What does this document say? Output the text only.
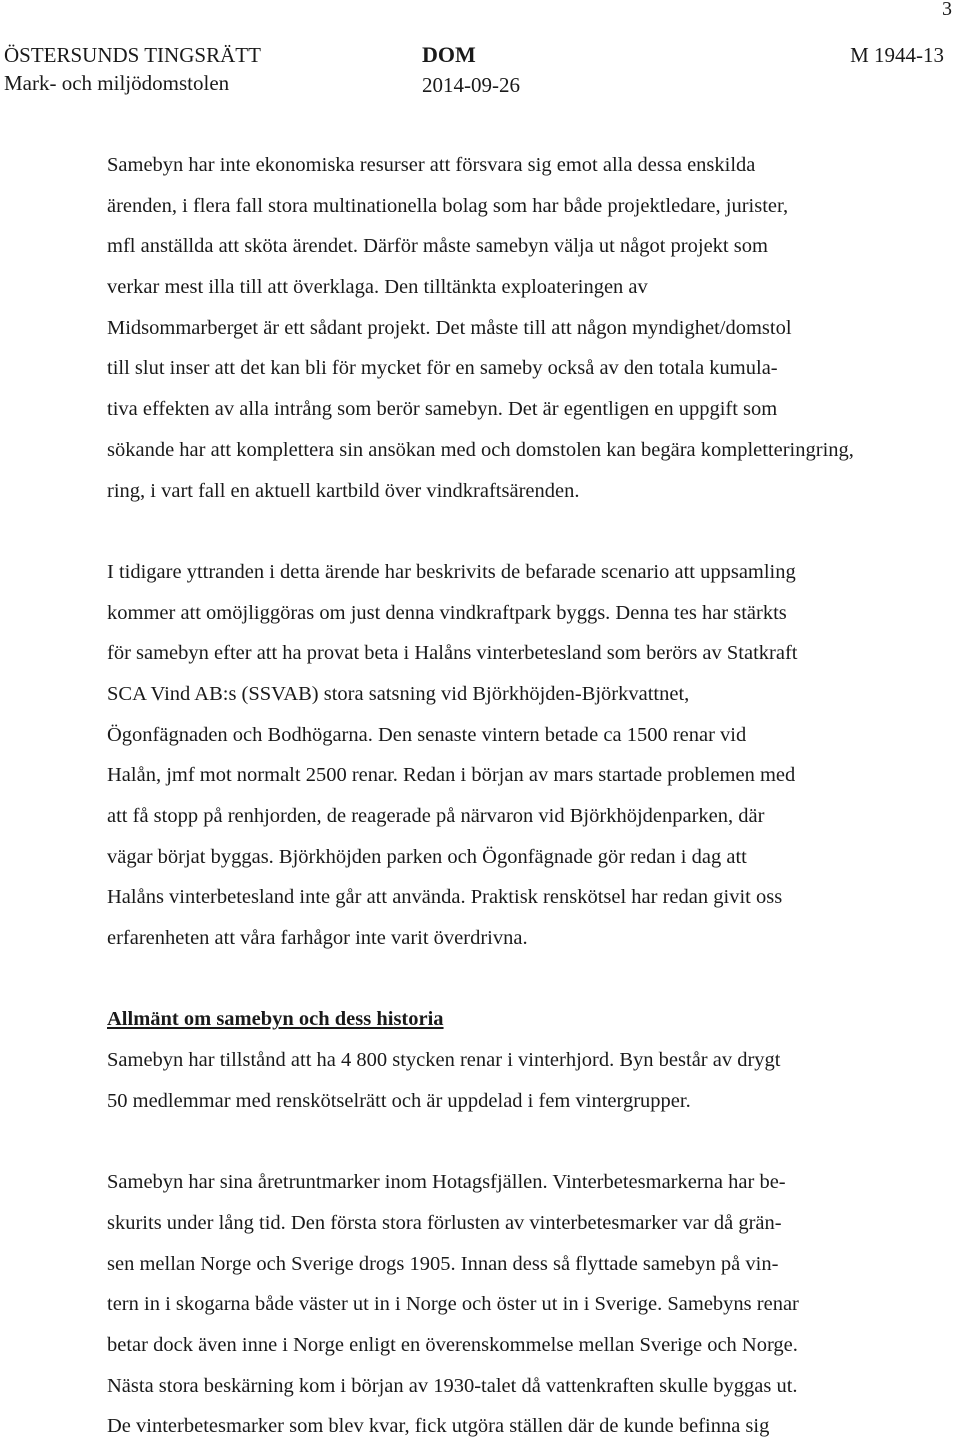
3
ÖSTERSUNDS TINGSRÄTT
Mark- och miljödomstolen
DOM
2014-09-26
M 1944-13

Samebyn har inte ekonomiska resurser att försvara sig emot alla dessa enskilda
ärenden, i flera fall stora multinationella bolag som har både projektledare, jurister,
mfl anställda att sköta ärendet. Därför måste samebyn välja ut något projekt som
verkar mest illa till att överklaga. Den tilltänkta exploateringen av
Midsommarberget är ett sådant projekt. Det måste till att någon myndighet/domstol
till slut inser att det kan bli för mycket för en sameby också av den totala kumula-
tiva effekten av alla intrång som berör samebyn. Det är egentligen en uppgift som
sökande har att komplettera sin ansökan med och domstolen kan begära kompletteringring,
ring, i vart fall en aktuell kartbild över vindkraftsärenden.

I tidigare yttranden i detta ärende har beskrivits de befarade scenario att uppsamling
kommer att omöjliggöras om just denna vindkraftpark byggs. Denna tes har stärkts
för samebyn efter att ha provat beta i Halåns vinterbetesland som berörs av Statkraft
SCA Vind AB:s (SSVAB) stora satsning vid Björkhöjden-Björkvattnet,
Ögonfägnaden och Bodhögarna. Den senaste vintern betade ca 1500 renar vid
Halån, jmf mot normalt 2500 renar. Redan i början av mars startade problemen med
att få stopp på renhjorden, de reagerade på närvaron vid Björkhöjdenparken, där
vägar börjat byggas. Björkhöjden parken och Ögonfägnade gör redan i dag att
Halåns vinterbetesland inte går att använda. Praktisk renskötsel har redan givit oss
erfarenheten att våra farhågor inte varit överdrivna.

Allmänt om samebyn och dess historia
Samebyn har tillstånd att ha 4 800 stycken renar i vinterhjord. Byn består av drygt
50 medlemmar med renskötselrätt och är uppdelad i fem vintergrupper.

Samebyn har sina åretruntmarker inom Hotagsfjällen. Vinterbetesmarkerna har be-
skurits under lång tid. Den första stora förlusten av vinterbetesmarker var då grän-
sen mellan Norge och Sverige drogs 1905. Innan dess så flyttade samebyn på vin-
tern in i skogarna både väster ut in i Norge och öster ut in i Sverige. Samebyns renar
betar dock även inne i Norge enligt en överenskommelse mellan Sverige och Norge.
Nästa stora beskärning kom i början av 1930-talet då vattenkraften skulle byggas ut.
De vinterbetesmarker som blev kvar, fick utgöra ställen där de kunde befinna sig
